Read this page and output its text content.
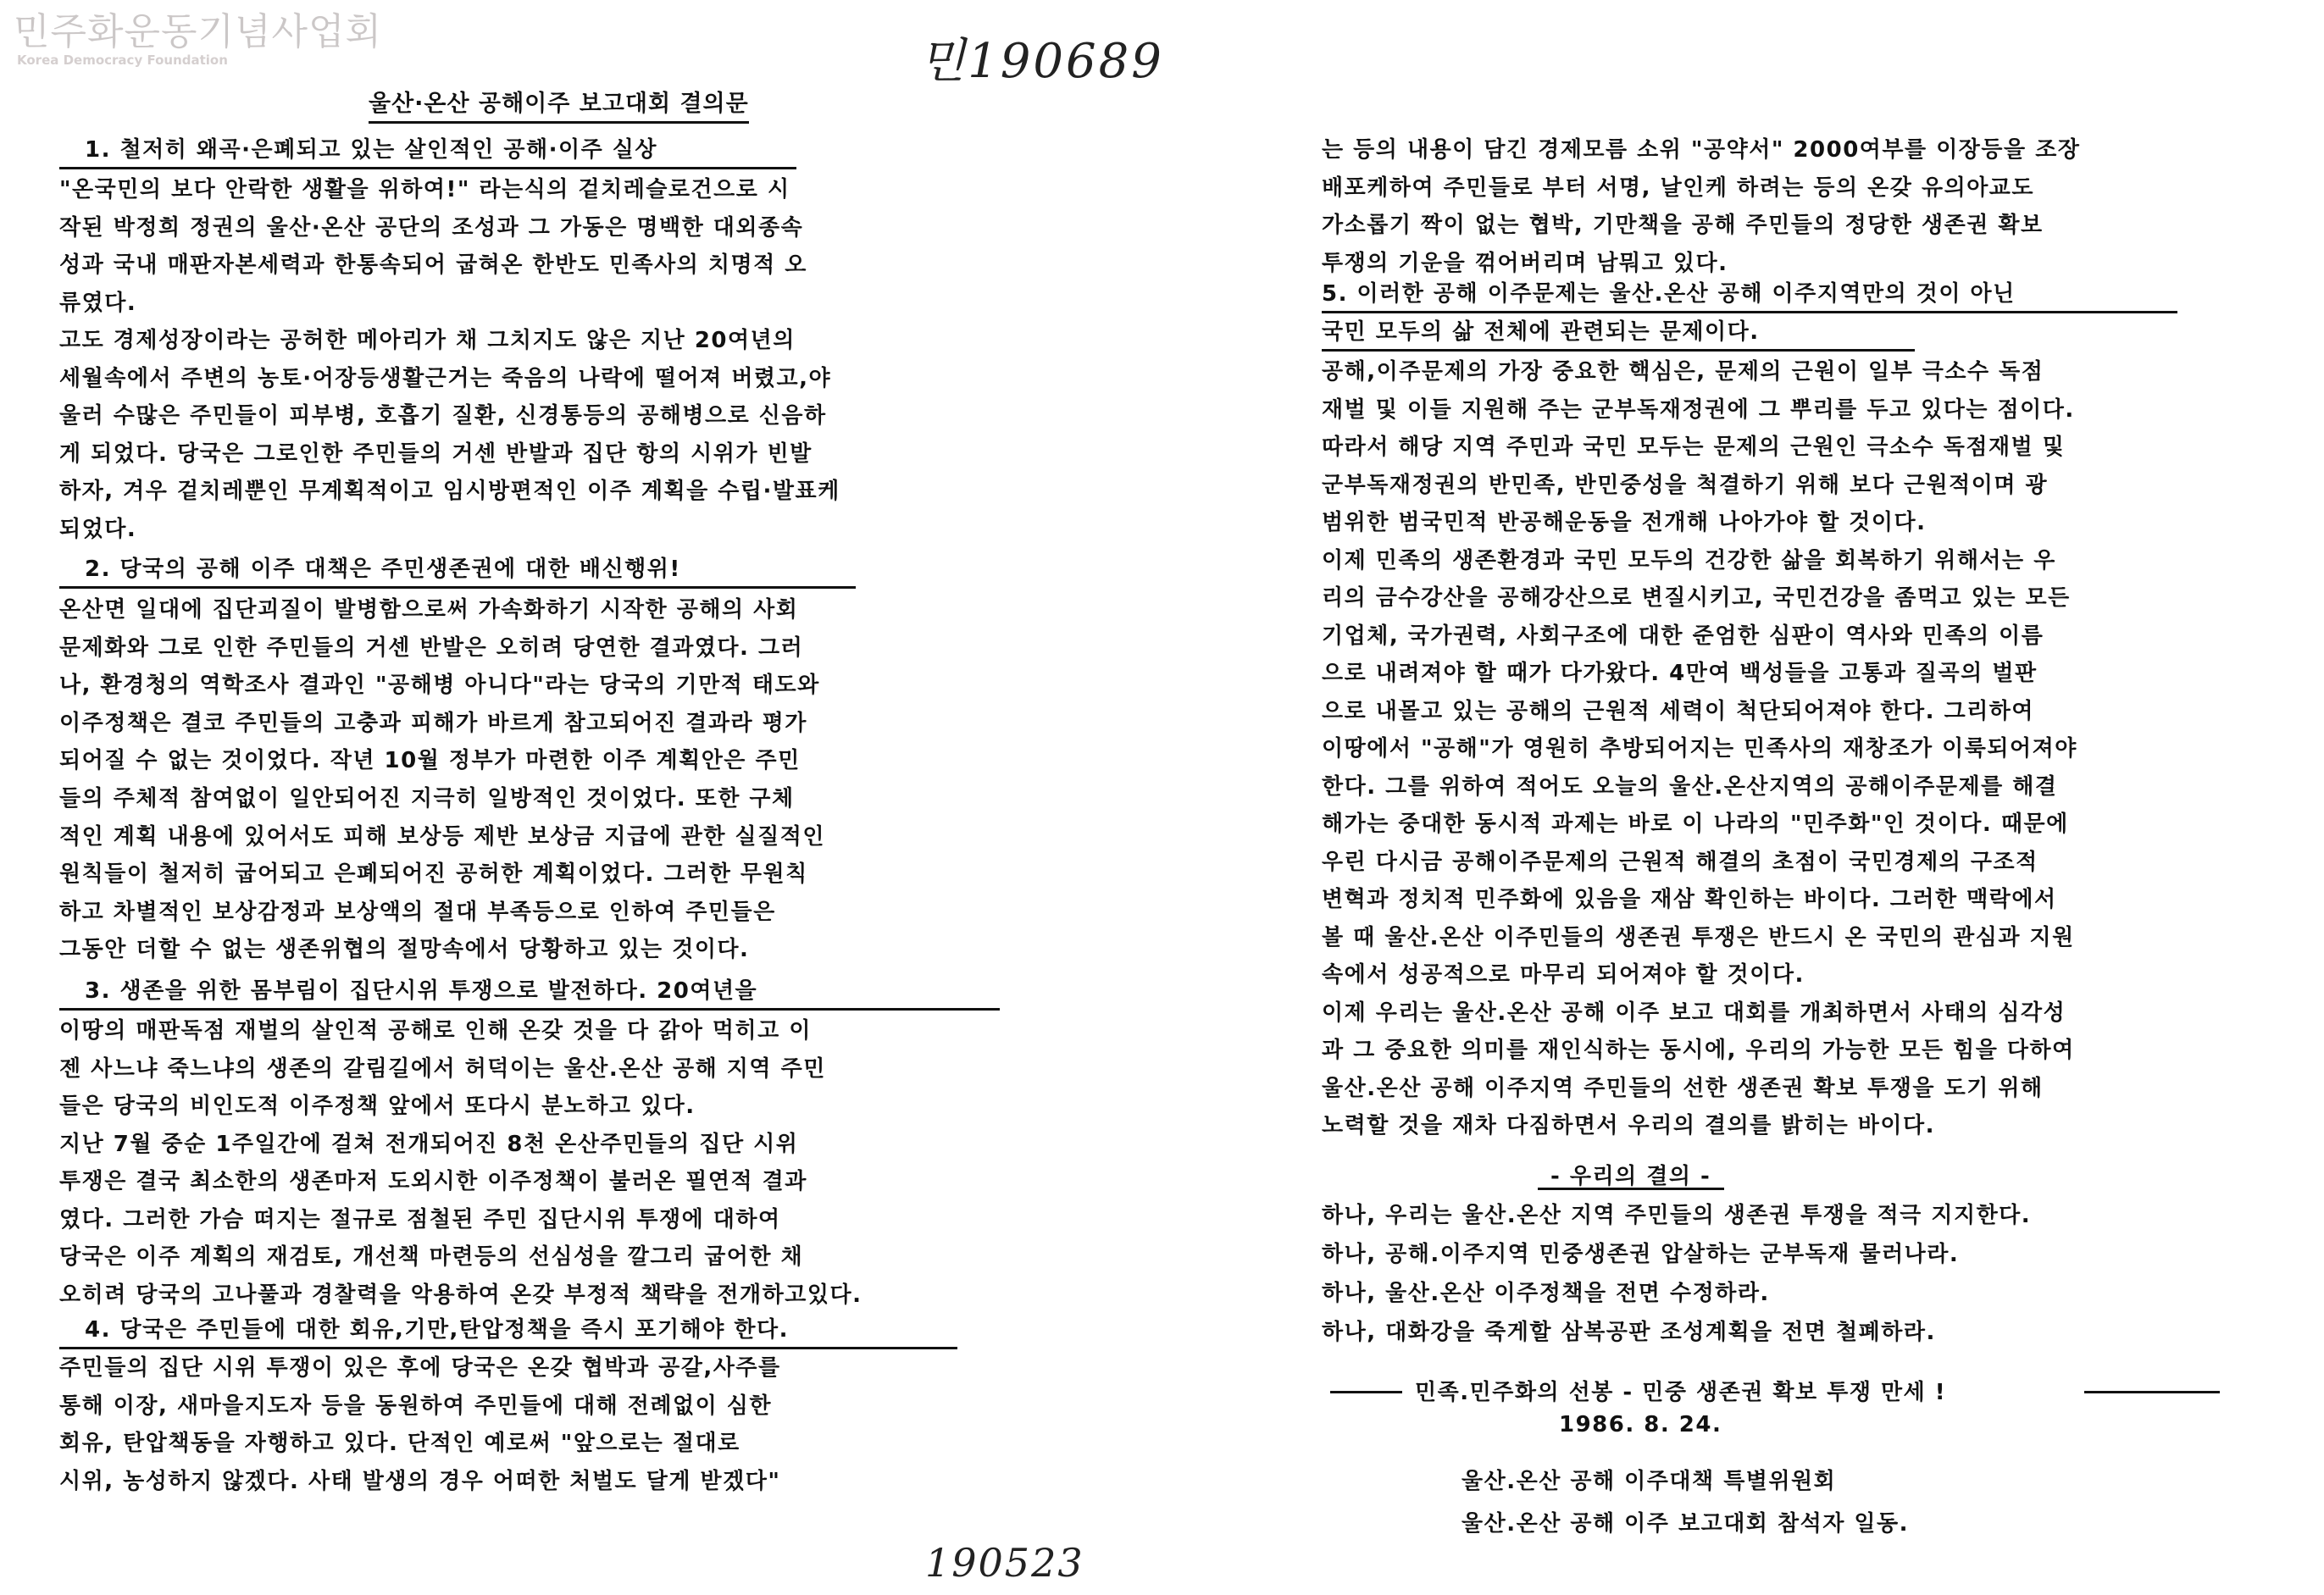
민주화운동기념사업회
Korea Democracy Foundation	민190689
190523
울산·온산 공해이주 보고대회 결의문
1. 철저히 왜곡·은폐되고 있는 살인적인 공해·이주 실상
"온국민의 보다 안락한 생활을 위하여!" 라는식의 겉치레슬로건으로 시
작된 박정희 정권의 울산·온산 공단의 조성과 그 가동은 명백한 대외종속
성과 국내 매판자본세력과 한통속되어 굽혀온 한반도 민족사의 치명적 오
류였다.
고도 경제성장이라는 공허한 메아리가 채 그치지도 않은 지난 20여년의
세월속에서 주변의 농토·어장등생활근거는 죽음의 나락에 떨어져 버렸고,야
울러 수많은 주민들이 피부병, 호흡기 질환, 신경통등의 공해병으로 신음하
게 되었다. 당국은 그로인한 주민들의 거센 반발과 집단 항의 시위가 빈발
하자, 겨우 겉치레뿐인 무계획적이고 임시방편적인 이주 계획을 수립·발표케
되었다.
2. 당국의 공해 이주 대책은 주민생존권에 대한 배신행위!
온산면 일대에 집단괴질이 발병함으로써 가속화하기 시작한 공해의 사회
문제화와 그로 인한 주민들의 거센 반발은 오히려 당연한 결과였다. 그러
나, 환경청의 역학조사 결과인 "공해병 아니다"라는 당국의 기만적 태도와
이주정책은 결코 주민들의 고충과 피해가 바르게 참고되어진 결과라 평가
되어질 수 없는 것이었다. 작년 10월 정부가 마련한 이주 계획안은 주민
들의 주체적 참여없이 일안되어진 지극히 일방적인 것이었다. 또한 구체
적인 계획 내용에 있어서도 피해 보상등 제반 보상금 지급에 관한 실질적인
원칙들이 철저히 굽어되고 은폐되어진 공허한 계획이었다. 그러한 무원칙
하고 차별적인 보상감정과 보상액의 절대 부족등으로 인하여 주민들은
그동안 더할 수 없는 생존위협의 절망속에서 당황하고 있는 것이다.
3. 생존을 위한 몸부림이 집단시위 투쟁으로 발전하다. 20여년을
이땅의 매판독점 재벌의 살인적 공해로 인해 온갖 것을 다 갉아 먹히고 이
젠 사느냐 죽느냐의 생존의 갈림길에서 허덕이는 울산.온산 공해 지역 주민
들은 당국의 비인도적 이주정책 앞에서 또다시 분노하고 있다.
지난 7월 중순 1주일간에 걸쳐 전개되어진 8천 온산주민들의 집단 시위
투쟁은 결국 최소한의 생존마저 도외시한 이주정책이 불러온 필연적 결과
였다. 그러한 가슴 떠지는 절규로 점철된 주민 집단시위 투쟁에 대하여
당국은 이주 계획의 재검토, 개선책 마련등의 선심성을 깔그리 굽어한 채
오히려 당국의 고나풀과 경찰력을 악용하여 온갖 부정적 책략을 전개하고있다.
4. 당국은 주민들에 대한 회유,기만,탄압정책을 즉시 포기해야 한다.
주민들의 집단 시위 투쟁이 있은 후에 당국은 온갖 협박과 공갈,사주를
통해 이장, 새마을지도자 등을 동원하여 주민들에 대해 전례없이 심한
회유, 탄압책동을 자행하고 있다. 단적인 예로써 "앞으로는 절대로
시위, 농성하지 않겠다. 사태 발생의 경우 어떠한 처벌도 달게 받겠다"
는 등의 내용이 담긴 경제모름 소위 "공약서" 2000여부를 이장등을 조장
배포케하여 주민들로 부터 서명, 날인케 하려는 등의 온갖 유의아교도
가소롭기 짝이 없는 협박, 기만책을 공해 주민들의 정당한 생존권 확보
투쟁의 기운을 꺾어버리며 남뭐고 있다.
5. 이러한 공해 이주문제는 울산.온산 공해 이주지역만의 것이 아닌
국민 모두의 삶 전체에 관련되는 문제이다.
공해,이주문제의 가장 중요한 핵심은, 문제의 근원이 일부 극소수 독점
재벌 및 이들 지원해 주는 군부독재정권에 그 뿌리를 두고 있다는 점이다.
따라서 해당 지역 주민과 국민 모두는 문제의 근원인 극소수 독점재벌 및
군부독재정권의 반민족, 반민중성을 척결하기 위해 보다 근원적이며 광
범위한 범국민적 반공해운동을 전개해 나아가야 할 것이다.
이제 민족의 생존환경과 국민 모두의 건강한 삶을 회복하기 위해서는 우
리의 금수강산을 공해강산으로 변질시키고, 국민건강을 좀먹고 있는 모든
기업체, 국가권력, 사회구조에 대한 준엄한 심판이 역사와 민족의 이름
으로 내려져야 할 때가 다가왔다. 4만여 백성들을 고통과 질곡의 벌판
으로 내몰고 있는 공해의 근원적 세력이 척단되어져야 한다. 그리하여
이땅에서 "공해"가 영원히 추방되어지는 민족사의 재창조가 이룩되어져야
한다. 그를 위하여 적어도 오늘의 울산.온산지역의 공해이주문제를 해결
해가는 중대한 동시적 과제는 바로 이 나라의 "민주화"인 것이다. 때문에
우린 다시금 공해이주문제의 근원적 해결의 초점이 국민경제의 구조적
변혁과 정치적 민주화에 있음을 재삼 확인하는 바이다. 그러한 맥락에서
볼 때 울산.온산 이주민들의 생존권 투쟁은 반드시 온 국민의 관심과 지원
속에서 성공적으로 마무리 되어져야 할 것이다.
이제 우리는 울산.온산 공해 이주 보고 대회를 개최하면서 사태의 심각성
과 그 중요한 의미를 재인식하는 동시에, 우리의 가능한 모든 힘을 다하여
울산.온산 공해 이주지역 주민들의 선한 생존권 확보 투쟁을 도기 위해
노력할 것을 재차 다짐하면서 우리의 결의를 밝히는 바이다.
- 우리의 결의 -
하나, 우리는 울산.온산 지역 주민들의 생존권 투쟁을 적극 지지한다.
하나, 공해.이주지역 민중생존권 압살하는 군부독재 물러나라.
하나, 울산.온산 이주정책을 전면 수정하라.
하나, 대화강을 죽게할 삼복공판 조성계획을 전면 철폐하라.
민족.민주화의 선봉 - 민중 생존권 확보 투쟁 만세 !
1986. 8. 24.
울산.온산 공해 이주대책 특별위원회
울산.온산 공해 이주 보고대회 참석자 일동.
